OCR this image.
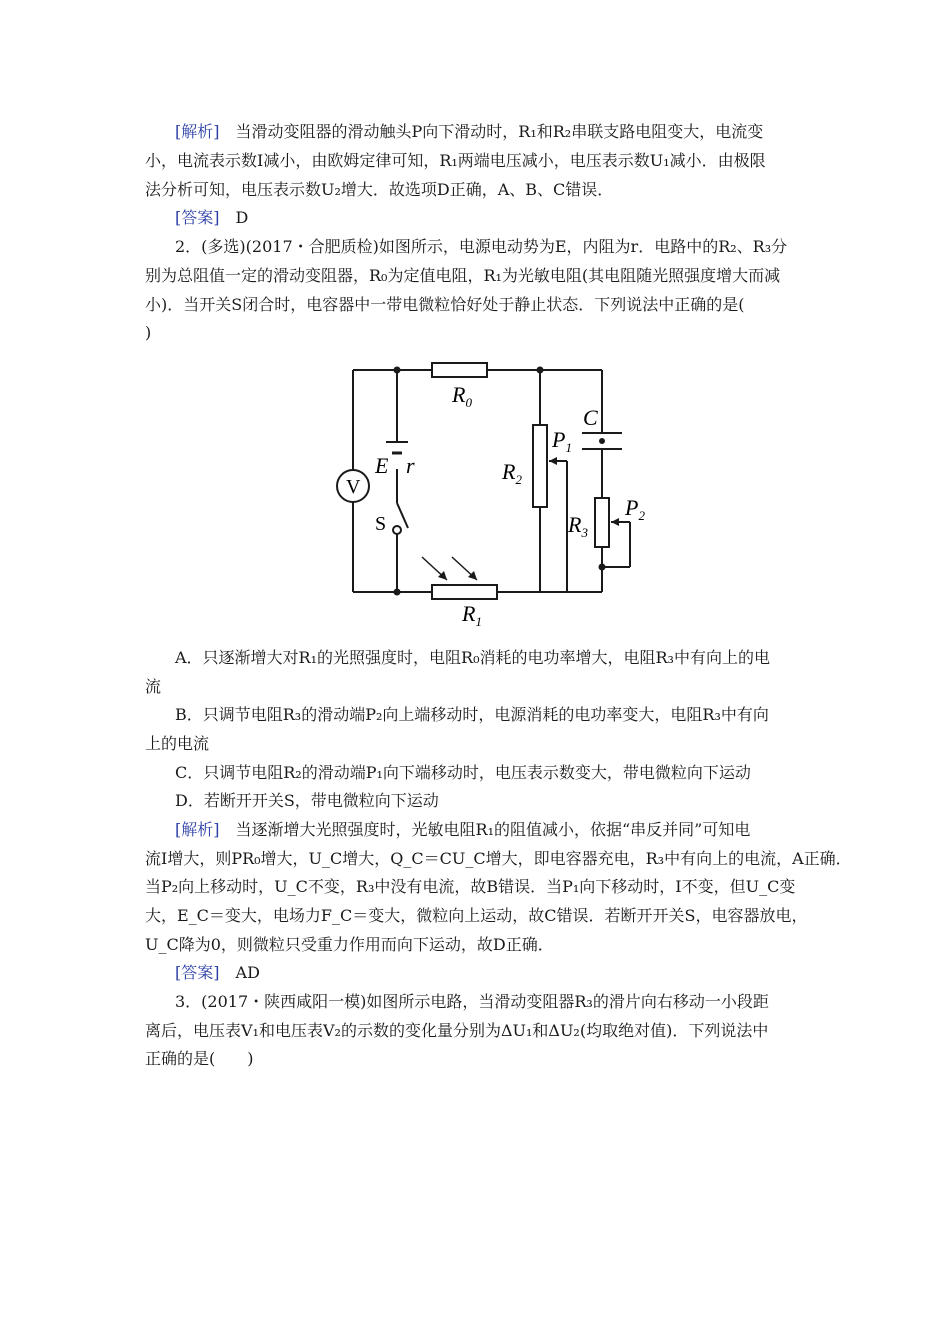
[解析]　 当滑动变阻器的滑动触头P向下滑动时，R₁和R₂串联支路电阻变大，电流变
小，电流表示数I减小，由欧姆定律可知，R₁两端电压减小，电压表示数U₁减小．由极限
法分析可知，电压表示数U₂增大．故选项D正确，A、B、C错误．
[答案]　 D
2．(多选)(2017・合肥质检)如图所示，电源电动势为E，内阻为r．电路中的R₂、R₃分
别为总阻值一定的滑动变阻器，R₀为定值电阻，R₁为光敏电阻(其电阻随光照强度增大而减
小)．当开关S闭合时，电容器中一带电微粒恰好处于静止状态．下列说法中正确的是(
)
$R_0$
C
$P_1$
E r	$R_2$
V
$R_3$
$P_2$
S
$R_1$
A．只逐渐增大对R₁的光照强度时，电阻R₀消耗的电功率增大，电阻R₃中有向上的电
流
B．只调节电阻R₃的滑动端P₂向上端移动时，电源消耗的电功率变大，电阻R₃中有向
上的电流
C．只调节电阻R₂的滑动端P₁向下端移动时，电压表示数变大，带电微粒向下运动
D．若断开开关S，带电微粒向下运动
[解析]　 当逐渐增大光照强度时，光敏电阻R₁的阻值减小，依据“串反并同”可知电
流I增大，则PR₀增大，U_C增大，Q_C＝CU_C增大，即电容器充电，R₃中有向上的电流，A正确．
当P₂向上移动时，U_C不变，R₃中没有电流，故B错误．当P₁向下移动时，I不变，但U_C变
大，E_C＝变大，电场力F_C＝变大，微粒向上运动，故C错误．若断开开关S，电容器放电，
U_C降为0，则微粒只受重力作用而向下运动，故D正确．
[答案]　 AD
3．(2017・陕西咸阳一模)如图所示电路，当滑动变阻器R₃的滑片向右移动一小段距
离后，电压表V₁和电压表V₂的示数的变化量分别为ΔU₁和ΔU₂(均取绝对值)．下列说法中
正确的是(　　)
